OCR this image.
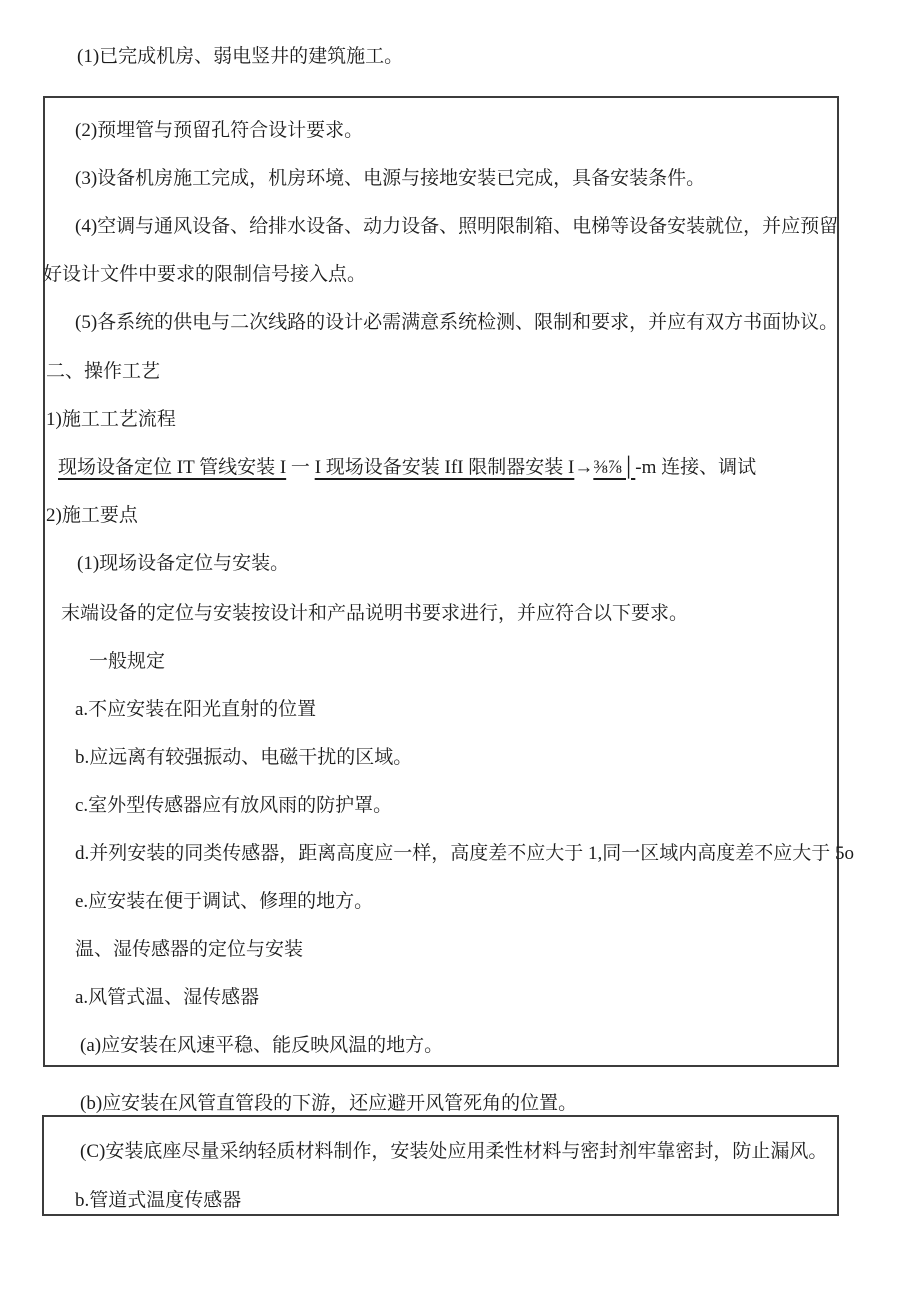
(1)已完成机房、弱电竖井的建筑施工。
(2)预埋管与预留孔符合设计要求。
(3)设备机房施工完成，机房环境、电源与接地安装已完成，具备安装条件。
(4)空调与通风设备、给排水设备、动力设备、照明限制箱、电梯等设备安装就位，并应预留
好设计文件中要求的限制信号接入点。
(5)各系统的供电与二次线路的设计必需满意系统检测、限制和要求，并应有双方书面协议。
二、操作工艺
1)施工工艺流程
现场设备定位 IT 管线安装 I 一 I 现场设备安装 IfI 限制器安装 I→⅜⅞│-m 连接、调试
2)施工要点
(1)现场设备定位与安装。
末端设备的定位与安装按设计和产品说明书要求进行，并应符合以下要求。
一般规定
a.不应安装在阳光直射的位置
b.应远离有较强振动、电磁干扰的区域。
c.室外型传感器应有放风雨的防护罩。
d.并列安装的同类传感器，距离高度应一样，高度差不应大于 1,同一区域内高度差不应大于 5o
e.应安装在便于调试、修理的地方。
温、湿传感器的定位与安装
a.风管式温、湿传感器
(a)应安装在风速平稳、能反映风温的地方。
(b)应安装在风管直管段的下游，还应避开风管死角的位置。
(C)安装底座尽量采纳轻质材料制作，安装处应用柔性材料与密封剂牢靠密封，防止漏风。
b.管道式温度传感器
